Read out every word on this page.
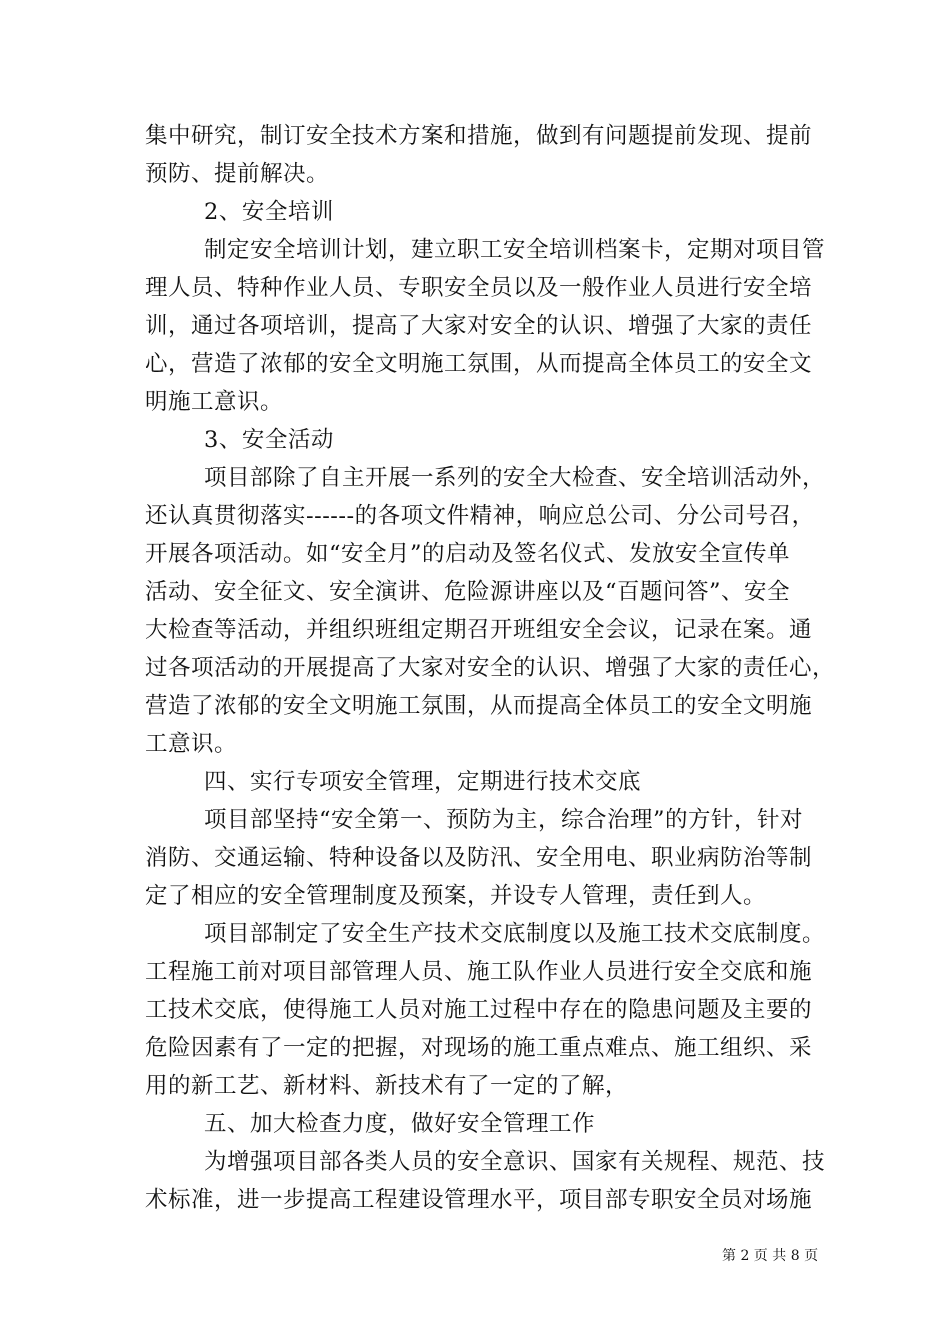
集中研究，制订安全技术方案和措施，做到有问题提前发现、提前
预防、提前解决。
2、安全培训
制定安全培训计划，建立职工安全培训档案卡，定期对项目管
理人员、特种作业人员、专职安全员以及一般作业人员进行安全培
训，通过各项培训，提高了大家对安全的认识、增强了大家的责任
心，营造了浓郁的安全文明施工氛围，从而提高全体员工的安全文
明施工意识。
3、安全活动
项目部除了自主开展一系列的安全大检查、安全培训活动外，
还认真贯彻落实------的各项文件精神，响应总公司、分公司号召，
开展各项活动。如“安全月”的启动及签名仪式、发放安全宣传单
活动、安全征文、安全演讲、危险源讲座以及“百题问答”、安全
大检查等活动，并组织班组定期召开班组安全会议，记录在案。通
过各项活动的开展提高了大家对安全的认识、增强了大家的责任心，
营造了浓郁的安全文明施工氛围，从而提高全体员工的安全文明施
工意识。
四、实行专项安全管理，定期进行技术交底
项目部坚持“安全第一、预防为主，综合治理”的方针，针对
消防、交通运输、特种设备以及防汛、安全用电、职业病防治等制
定了相应的安全管理制度及预案，并设专人管理，责任到人。
项目部制定了安全生产技术交底制度以及施工技术交底制度。
工程施工前对项目部管理人员、施工队作业人员进行安全交底和施
工技术交底，使得施工人员对施工过程中存在的隐患问题及主要的
危险因素有了一定的把握，对现场的施工重点难点、施工组织、采
用的新工艺、新材料、新技术有了一定的了解，
五、加大检查力度，做好安全管理工作
为增强项目部各类人员的安全意识、国家有关规程、规范、技
术标准，进一步提高工程建设管理水平，项目部专职安全员对场施
第 2 页 共 8 页
